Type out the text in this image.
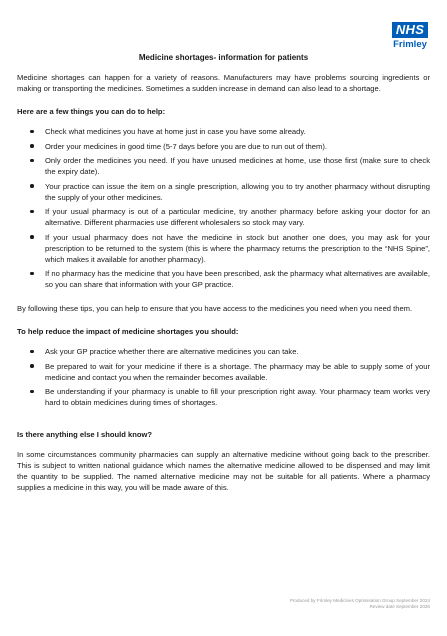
NHS
Frimley
Medicine shortages- information for patients

Medicine shortages can happen for a variety of reasons. Manufacturers may have problems sourcing ingredients or making or transporting the medicines. Sometimes a sudden increase in demand can also lead to a shortage.

Here are a few things you can do to help:
Check what medicines you have at home just in case you have some already.
Order your medicines in good time (5-7 days before you are due to run out of them).
Only order the medicines you need. If you have unused medicines at home, use those first (make sure to check the expiry date).
Your practice can issue the item on a single prescription, allowing you to try another pharmacy without disrupting the supply of your other medicines.
If your usual pharmacy is out of a particular medicine, try another pharmacy before asking your doctor for an alternative. Different pharmacies use different wholesalers so stock may vary.
If your usual pharmacy does not have the medicine in stock but another one does, you may ask for your prescription to be returned to the system (this is where the pharmacy returns the prescription to the “NHS Spine”, which makes it available for another pharmacy).
If no pharmacy has the medicine that you have been prescribed, ask the pharmacy what alternatives are available, so you can share that information with your GP practice.

By following these tips, you can help to ensure that you have access to the medicines you need when you need them.

To help reduce the impact of medicine shortages you should:
Ask your GP practice whether there are alternative medicines you can take.
Be prepared to wait for your medicine if there is a shortage. The pharmacy may be able to supply some of your medicine and contact you when the remainder becomes available.
Be understanding if your pharmacy is unable to fill your prescription right away. Your pharmacy team works very hard to obtain medicines during times of shortages.
Is there anything else I should know?

In some circumstances community pharmacies can supply an alternative medicine without going back to the prescriber. This is subject to written national guidance which names the alternative medicine allowed to be dispensed and may limit the quantity to be supplied. The named alternative medicine may not be suitable for all patients. Where a pharmacy supplies a medicine in this way, you will be made aware of this.

Produced by Frimley Medicines Optimisation Group September 2024
Review date September 2026
